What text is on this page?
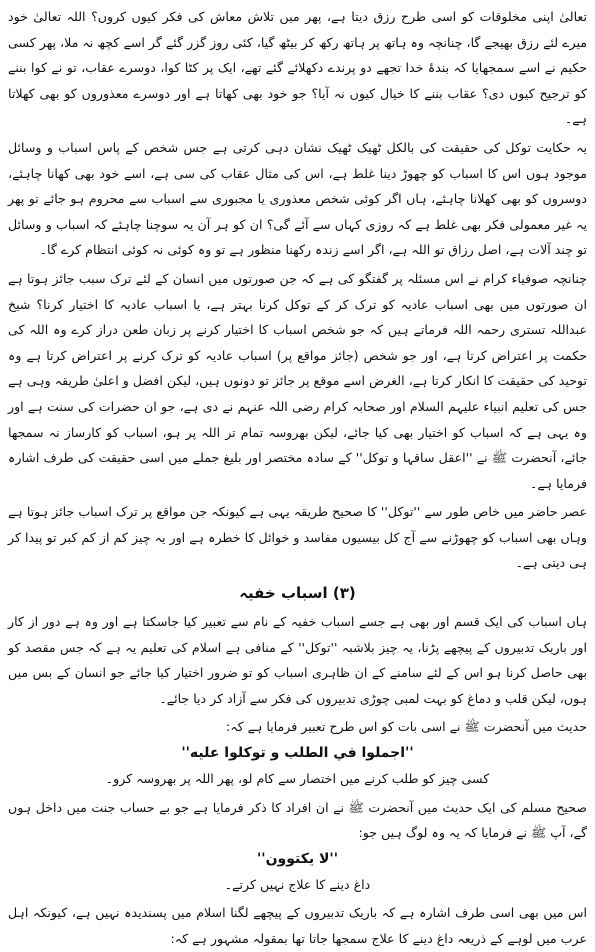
تعالیٰ اپنی مخلوقات کو اسی طرح رزق دیتا ہے، پھر میں تلاش معاش کی فکر کیوں کروں؟ اللہ تعالیٰ خود میرے لئے رزق بھیجے گا، چنانچہ وہ ہاتھ پر ہاتھ رکھ کر بیٹھ گیا، کئی روز گزر گئے گر اسے کچھ نہ ملا، پھر کسی حکیم نے اسے سمجھایا کہ بندۂ خدا تجھے دو پرندے دکھلائے گئے تھے، ایک پر کٹا کوا، دوسرے عقاب، تو نے کوا بننے کو ترجیح کیوں دی؟ عقاب بننے کا خیال کیوں نہ آیا؟ جو خود بھی کھاتا ہے اور دوسرے معذوروں کو بھی کھلاتا ہے۔

یہ حکایت توکل کی حقیقت کی بالکل ٹھیک ٹھیک نشان دہی کرتی ہے جس شخص کے پاس اسباب و وسائل موجود ہوں اس کا اسباب کو چھوڑ دینا غلط ہے، اس کی مثال عقاب کی سی ہے، اسے خود بھی کھانا چاہئے، دوسروں کو بھی کھلانا چاہئے، ہاں اگر کوئی شخص معذوری یا مجبوری سے اسباب سے محروم ہو جائے تو پھر یہ غیر معمولی فکر بھی غلط ہے کہ روزی کہاں سے آئے گی؟ ان کو ہر آن یہ سوچنا چاہئے کہ اسباب و وسائل تو چند آلات ہے، اصل رزاق تو اللہ ہے، اگر اسے زندہ رکھنا منظور ہے تو وہ کوئی نہ کوئی انتظام کرے گا۔

چنانچہ صوفیاء کرام نے اس مسئلہ پر گفتگو کی ہے کہ جن صورتوں میں انسان کے لئے ترک سبب جائز ہوتا ہے ان صورتوں میں بھی اسباب عادیہ کو ترک کر کے توکل کرنا بہتر ہے، یا اسباب عادیہ کا اختیار کرنا؟ شیخ عبداللہ تستری رحمہ اللہ فرماتے ہیں کہ جو شخص اسباب کا اختیار کرنے پر زبان طعن دراز کرے وہ اللہ کی حکمت پر اعتراض کرتا ہے، اور جو شخص (جائز مواقع پر) اسباب عادیہ کو ترک کرنے پر اعتراض کرتا ہے وہ توحید کی حقیقت کا انکار کرتا ہے، الغرض اسے موقع پر جائز تو دونوں ہیں، لیکن افضل و اعلیٰ طریقہ وہی ہے جس کی تعلیم انبیاء علیہم السلام اور صحابہ کرام رضی اللہ عنہم نے دی ہے، جو ان حضرات کی سنت ہے اور وہ یہی ہے کہ اسباب کو اختیار بھی کیا جائے، لیکن بھروسہ تمام تر اللہ پر ہو، اسباب کو کارساز نہ سمجھا جائے، آنحضرت ﷺ نے ''اعقل ساقہا و توکل'' کے سادہ مختصر اور بلیغ جملے میں اسی حقیقت کی طرف اشارہ فرمایا ہے۔

عصر حاضر میں خاص طور سے ''توکل'' کا صحیح طریقہ یہی ہے کیونکہ جن مواقع پر ترک اسباب جائز ہوتا ہے وہاں بھی اسباب کو چھوڑنے سے آج کل بیسیوں مفاسد و خوائل کا خطرہ ہے اور یہ چیز کم از کم کبر تو پیدا کر ہی دیتی ہے۔

(۳) اسباب خفیہ

ہاں اسباب کی ایک قسم اور بھی ہے جسے اسباب خفیہ کے نام سے تعبیر کیا جاسکتا ہے اور وہ ہے دور از کار اور باریک تدبیروں کے پیچھے پڑنا، یہ چیز بلاشبہ ''توکل'' کے منافی ہے اسلام کی تعلیم یہ ہے کہ جس مقصد کو بھی حاصل کرنا ہو اس کے لئے سامنے کے ان ظاہری اسباب کو تو ضرور اختیار کیا جائے جو انسان کے بس میں ہوں، لیکن قلب و دماغ کو بہت لمبی چوڑی تدبیروں کی فکر سے آزاد کر دیا جائے۔

حدیث میں آنحضرت ﷺ نے اسی بات کو اس طرح تعبیر فرمایا ہے کہ:

''اجملوا في الطلب و توكلوا عليه''

کسی چیز کو طلب کرنے میں اختصار سے کام لو، پھر اللہ پر بھروسہ کرو۔

صحیح مسلم کی ایک حدیث میں آنحضرت ﷺ نے ان افراد کا ذکر فرمایا ہے جو بے حساب جنت میں داخل ہوں گے، آپ ﷺ نے فرمایا کہ یہ وہ لوگ ہیں جو:

''لا يكتوون''

داغ دینے کا علاج نہیں کرتے۔

اس میں بھی اسی طرف اشارہ ہے کہ باریک تدبیروں کے پیچھے لگنا اسلام میں پسندیدہ نہیں ہے، کیونکہ اہل عرب میں لوہے کے ذریعہ داغ دینے کا علاج سمجھا جاتا تھا بمقولہ مشہور ہے کہ:
